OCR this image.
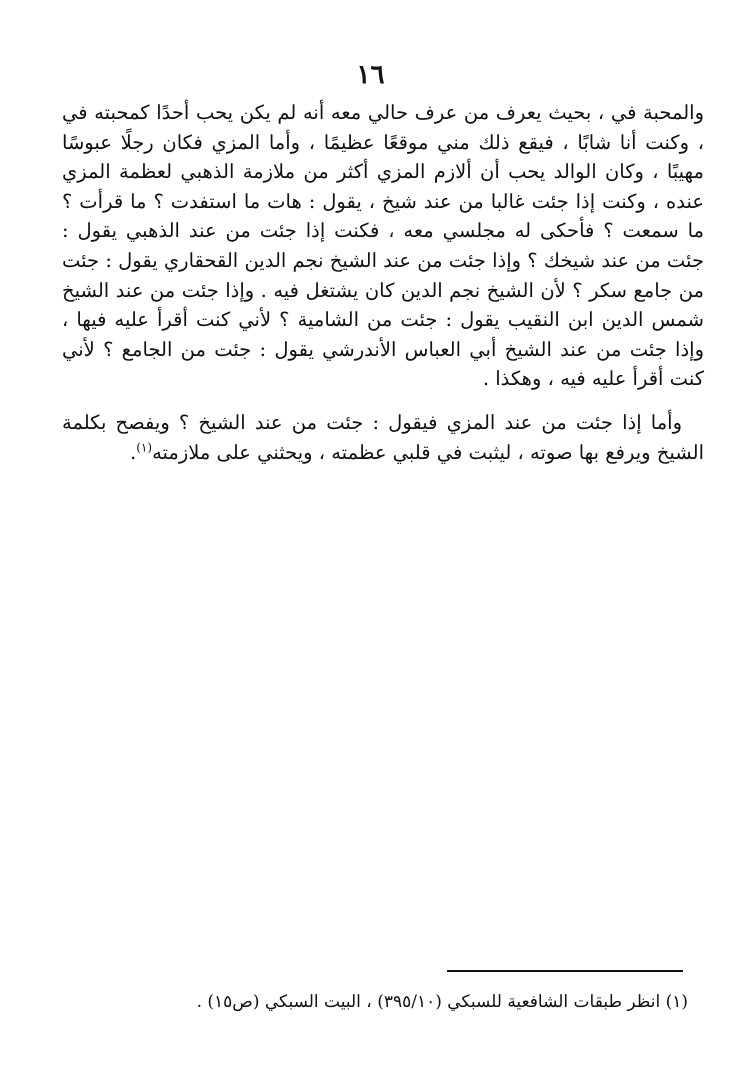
١٦

والمحبة في ، بحيث يعرف من عرف حالي معه أنه لم يكن يحب أحدًا كمحبته في ، وكنت أنا شابًا ، فيقع ذلك مني موقعًا عظيمًا ، وأما المزي فكان رجلًا عبوسًا مهيبًا ، وكان الوالد يحب أن ألازم المزي أكثر من ملازمة الذهبي لعظمة المزي عنده ، وكنت إذا جئت غالبا من عند شيخ ، يقول : هات ما استفدت ؟ ما قرأت ؟ ما سمعت ؟ فأحكى له مجلسي معه ، فكنت إذا جئت من عند الذهبي يقول : جئت من عند شيخك ؟ وإذا جئت من عند الشيخ نجم الدين القحقاري يقول : جئت من جامع سكر ؟ لأن الشيخ نجم الدين كان يشتغل فيه . وإذا جئت من عند الشيخ شمس الدين ابن النقيب يقول : جئت من الشامية ؟ لأني كنت أقرأ عليه فيها ، وإذا جئت من عند الشيخ أبي العباس الأندرشي يقول : جئت من الجامع ؟ لأني كنت أقرأ عليه فيه ، وهكذا .

وأما إذا جئت من عند المزي فيقول : جئت من عند الشيخ ؟ ويفصح بكلمة الشيخ ويرفع بها صوته ، ليثبت في قلبي عظمته ، ويحثني على ملازمته$^{(١)}$.

(١) انظر طبقات الشافعية للسبكي (٣٩٥/١٠) ، البيت السبكي (ص١٥) .
